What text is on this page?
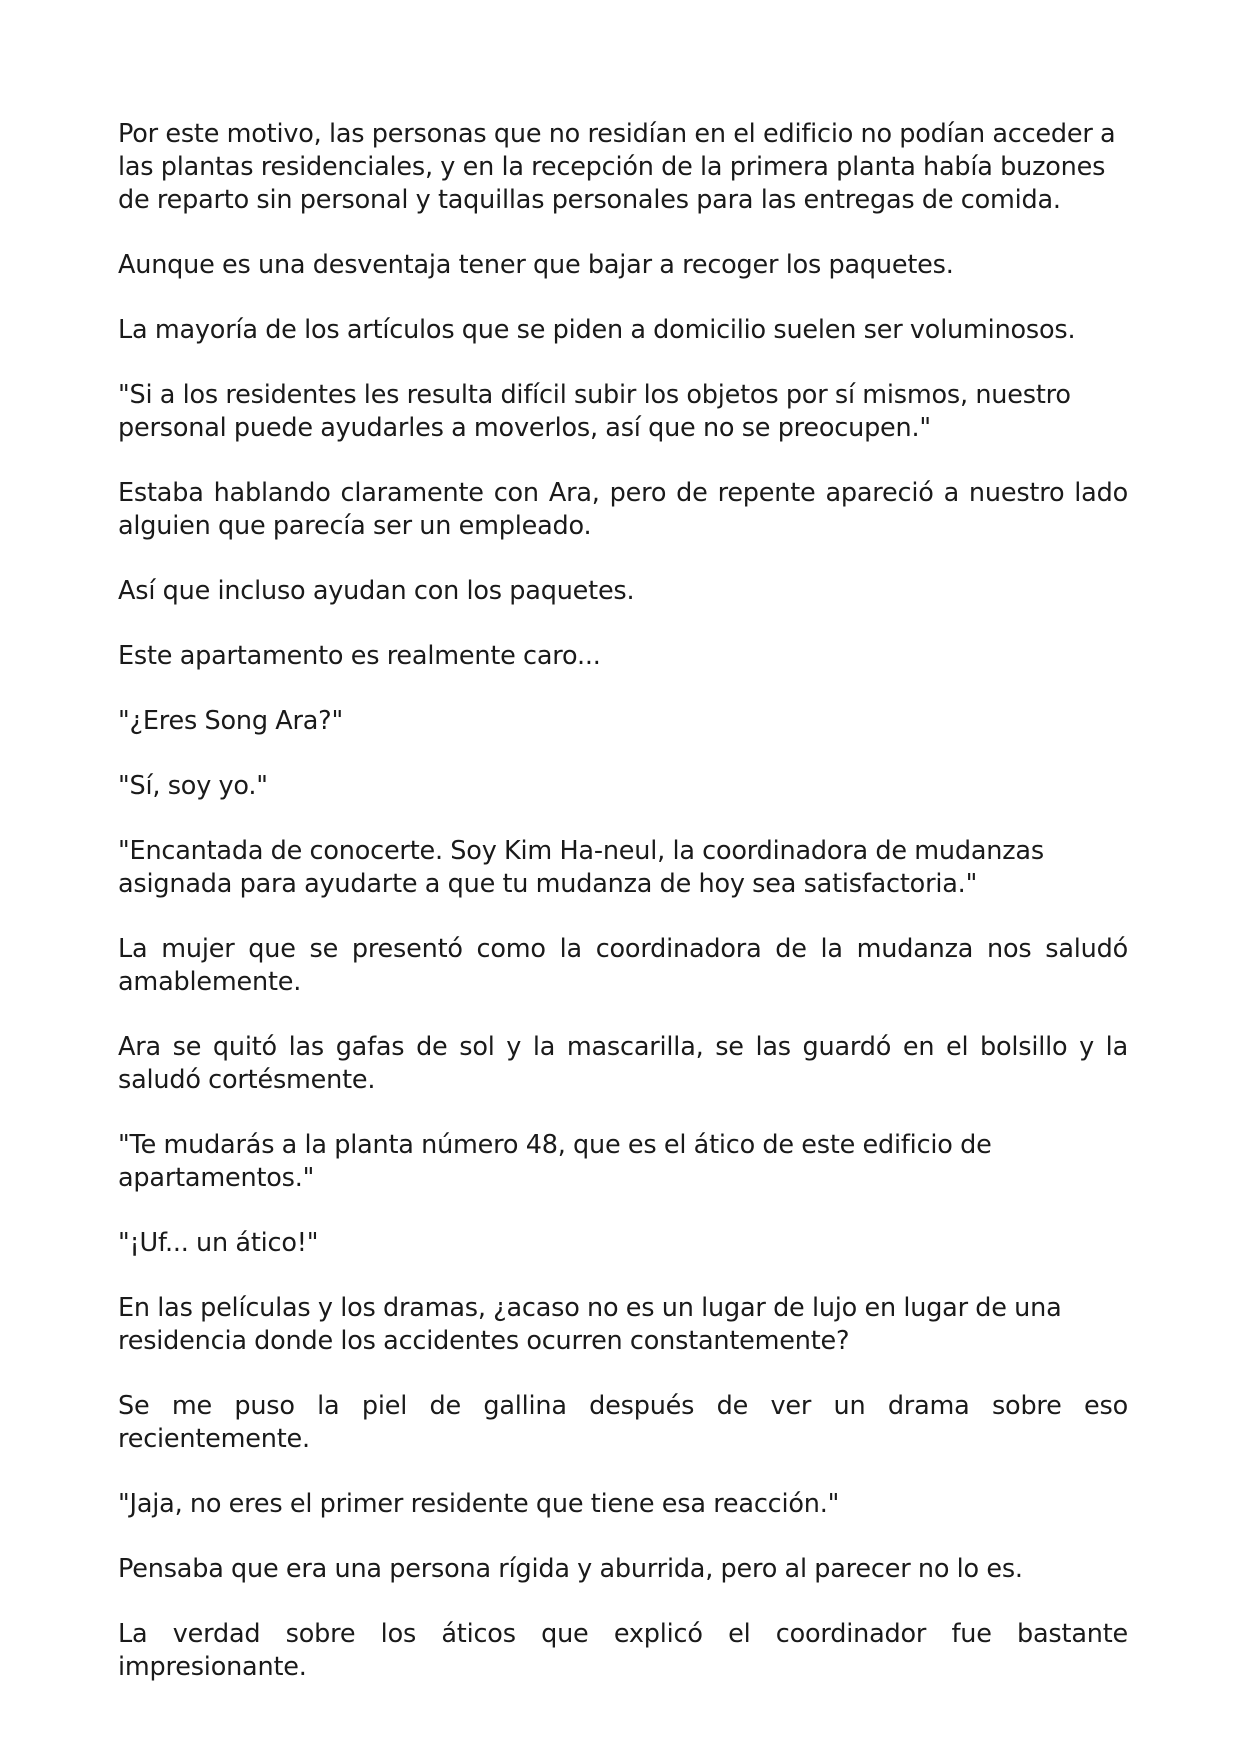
Por este motivo, las personas que no residían en el edificio no podían acceder a las plantas residenciales, y en la recepción de la primera planta había buzones de reparto sin personal y taquillas personales para las entregas de comida.

Aunque es una desventaja tener que bajar a recoger los paquetes.

La mayoría de los artículos que se piden a domicilio suelen ser voluminosos.

"Si a los residentes les resulta difícil subir los objetos por sí mismos, nuestro personal puede ayudarles a moverlos, así que no se preocupen."

Estaba hablando claramente con Ara, pero de repente apareció a nuestro lado alguien que parecía ser un empleado.

Así que incluso ayudan con los paquetes.

Este apartamento es realmente caro...

"¿Eres Song Ara?"

"Sí, soy yo."

"Encantada de conocerte. Soy Kim Ha-neul, la coordinadora de mudanzas asignada para ayudarte a que tu mudanza de hoy sea satisfactoria."

La mujer que se presentó como la coordinadora de la mudanza nos saludó amablemente.

Ara se quitó las gafas de sol y la mascarilla, se las guardó en el bolsillo y la saludó cortésmente.

"Te mudarás a la planta número 48, que es el ático de este edificio de apartamentos."

"¡Uf... un ático!"

En las películas y los dramas, ¿acaso no es un lugar de lujo en lugar de una residencia donde los accidentes ocurren constantemente?

Se me puso la piel de gallina después de ver un drama sobre eso recientemente.

"Jaja, no eres el primer residente que tiene esa reacción."

Pensaba que era una persona rígida y aburrida, pero al parecer no lo es.

La verdad sobre los áticos que explicó el coordinador fue bastante impresionante.
